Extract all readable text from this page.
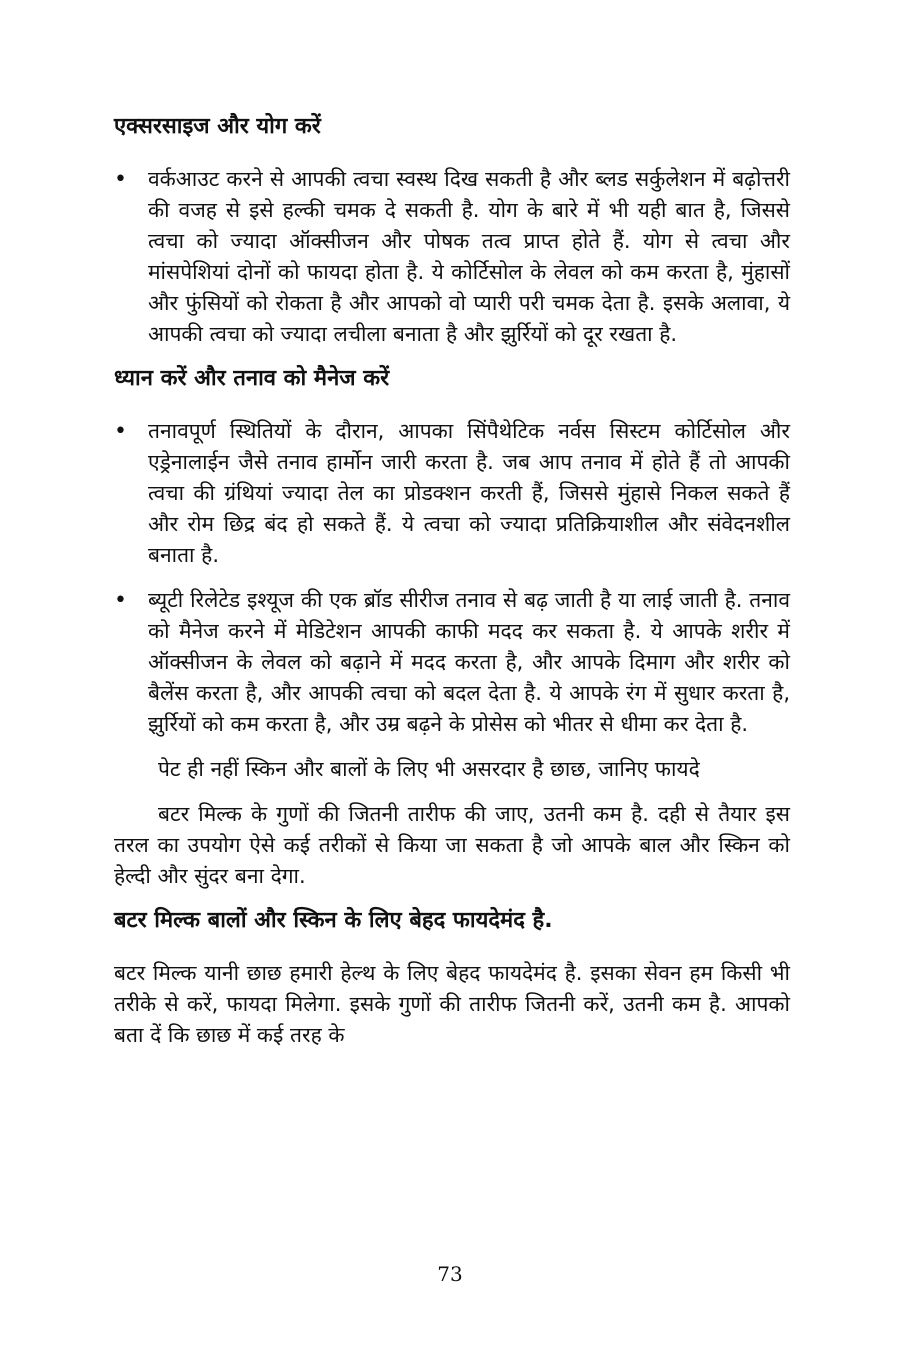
एक्सरसाइज और योग करें
• वर्कआउट करने से आपकी त्वचा स्वस्थ दिख सकती है और ब्लड सर्कुलेशन में बढ़ोत्तरी की वजह से इसे हल्की चमक दे सकती है. योग के बारे में भी यही बात है, जिससे त्वचा को ज्यादा ऑक्सीजन और पोषक तत्व प्राप्त होते हैं. योग से त्वचा और मांसपेशियां दोनों को फायदा होता है. ये कोर्टिसोल के लेवल को कम करता है, मुंहासों और फुंसियों को रोकता है और आपको वो प्यारी परी चमक देता है. इसके अलावा, ये आपकी त्वचा को ज्यादा लचीला बनाता है और झुर्रियों को दूर रखता है.

ध्यान करें और तनाव को मैनेज करें
• तनावपूर्ण स्थितियों के दौरान, आपका सिंपैथेटिक नर्वस सिस्टम कोर्टिसोल और एड्रेनालाईन जैसे तनाव हार्मोन जारी करता है. जब आप तनाव में होते हैं तो आपकी त्वचा की ग्रंथियां ज्यादा तेल का प्रोडक्शन करती हैं, जिससे मुंहासे निकल सकते हैं और रोम छिद्र बंद हो सकते हैं. ये त्वचा को ज्यादा प्रतिक्रियाशील और संवेदनशील बनाता है.

• ब्यूटी रिलेटेड इश्यूज की एक ब्रॉड सीरीज तनाव से बढ़ जाती है या लाई जाती है. तनाव को मैनेज करने में मेडिटेशन आपकी काफी मदद कर सकता है. ये आपके शरीर में ऑक्सीजन के लेवल को बढ़ाने में मदद करता है, और आपके दिमाग और शरीर को बैलेंस करता है, और आपकी त्वचा को बदल देता है. ये आपके रंग में सुधार करता है, झुर्रियों को कम करता है, और उम्र बढ़ने के प्रोसेस को भीतर से धीमा कर देता है.

पेट ही नहीं स्किन और बालों के लिए भी असरदार है छाछ, जानिए फायदे

बटर मिल्क के गुणों की जितनी तारीफ की जाए, उतनी कम है. दही से तैयार इस तरल का उपयोग ऐसे कई तरीकों से किया जा सकता है जो आपके बाल और स्किन को हेल्दी और सुंदर बना देगा.

बटर मिल्क बालों और स्किन के लिए बेहद फायदेमंद है.

बटर मिल्क यानी छाछ हमारी हेल्थ के लिए बेहद फायदेमंद है. इसका सेवन हम किसी भी तरीके से करें, फायदा मिलेगा. इसके गुणों की तारीफ जितनी करें, उतनी कम है. आपको बता दें कि छाछ में कई तरह के

73
